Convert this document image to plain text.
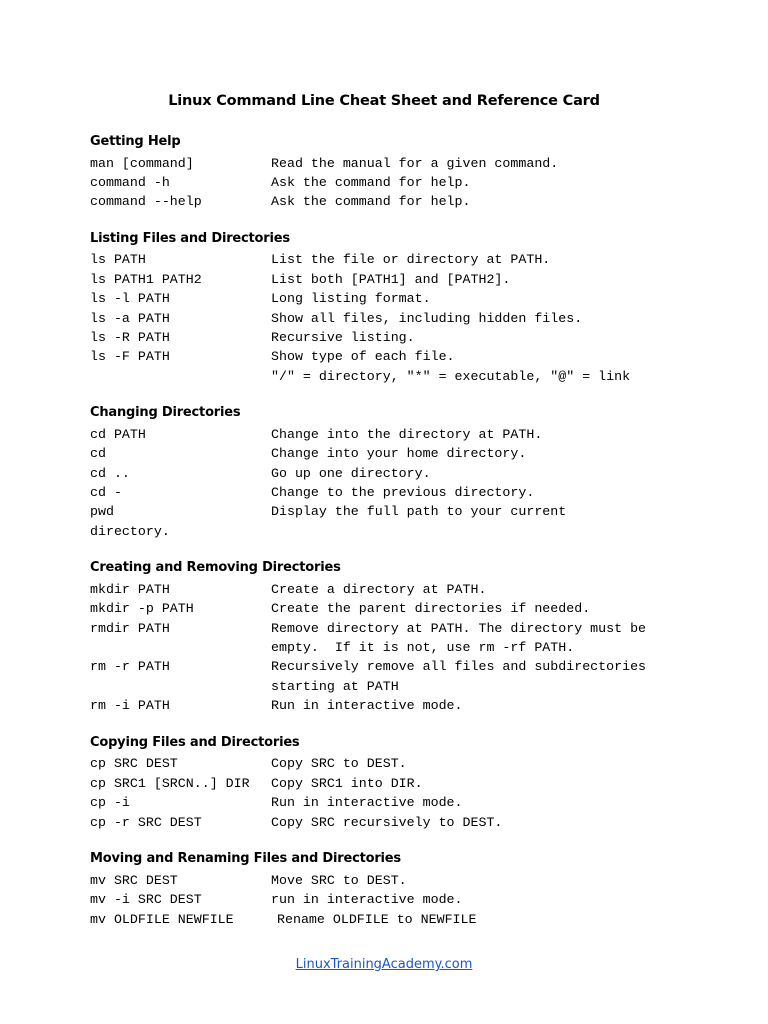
Linux Command Line Cheat Sheet and Reference Card
Getting Help
man [command]	Read the manual for a given command.
command -h	Ask the command for help.
command --help	Ask the command for help.
Listing Files and Directories
ls PATH	List the file or directory at PATH.
ls PATH1 PATH2	List both [PATH1] and [PATH2].
ls -l PATH	Long listing format.
ls -a PATH	Show all files, including hidden files.
ls -R PATH	Recursive listing.
ls -F PATH	Show type of each file.
"/" = directory, "*" = executable, "@" = link
Changing Directories
cd PATH	Change into the directory at PATH.
cd	Change into your home directory.
cd ..	Go up one directory.
cd -	Change to the previous directory.
pwd	Display the full path to your current
directory.
Creating and Removing Directories
mkdir PATH	Create a directory at PATH.
mkdir -p PATH	Create the parent directories if needed.
rmdir PATH	Remove directory at PATH. The directory must be
empty.  If it is not, use rm -rf PATH.
rm -r PATH	Recursively remove all files and subdirectories
starting at PATH
rm -i PATH	Run in interactive mode.
Copying Files and Directories
cp SRC DEST	Copy SRC to DEST.
cp SRC1 [SRCN..] DIR Copy SRC1 into DIR.
cp -i	Run in interactive mode.
cp -r SRC DEST	Copy SRC recursively to DEST.
Moving and Renaming Files and Directories
mv SRC DEST	Move SRC to DEST.
mv -i SRC DEST	run in interactive mode.
mv OLDFILE NEWFILE	Rename OLDFILE to NEWFILE
LinuxTrainingAcademy.com
